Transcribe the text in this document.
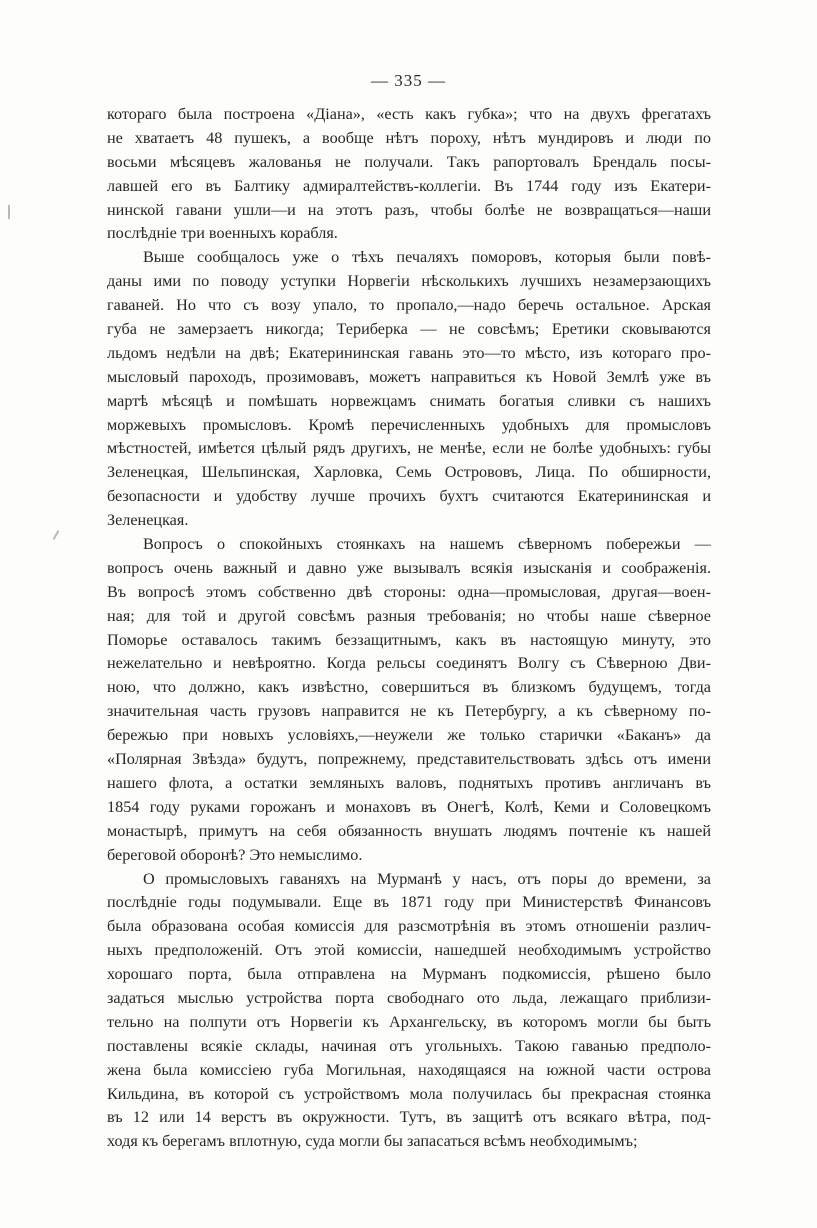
— 335 —
котораго была построена «Діана», «есть какъ губка»; что на двухъ фрегатахъ
не хватаетъ 48 пушекъ, а вообще нѣтъ пороху, нѣтъ мундировъ и люди по
восьми мѣсяцевъ жалованья не получали. Такъ рапортовалъ Брендаль посы-
лавшей его въ Балтику адмиралтействъ-коллегіи. Въ 1744 году изъ Екатери-
нинской гавани ушли—и на этотъ разъ, чтобы болѣе не возвращаться—наши
послѣдніе три военныхъ корабля.
Выше сообщалось уже о тѣхъ печаляхъ поморовъ, которыя были повѣ-
даны ими по поводу уступки Норвегіи нѣсколькихъ лучшихъ незамерзающихъ
гаваней. Но что съ возу упало, то пропало,—надо беречь остальное. Арская
губа не замерзаетъ никогда; Териберка — не совсѣмъ; Еретики сковываются
льдомъ недѣли на двѣ; Екатерининская гавань это—то мѣсто, изъ котораго про-
мысловый пароходъ, прозимовавъ, можетъ направиться къ Новой Землѣ уже въ
мартѣ мѣсяцѣ и помѣшать норвежцамъ снимать богатыя сливки съ нашихъ
моржевыхъ промысловъ. Кромѣ перечисленныхъ удобныхъ для промысловъ
мѣстностей, имѣется цѣлый рядъ другихъ, не менѣе, если не болѣе удобныхъ: губы
Зеленецкая, Шельпинская, Харловка, Семь Острововъ, Лица. По обширности,
безопасности и удобству лучше прочихъ бухтъ считаются Екатерининская и
Зеленецкая.
Вопросъ о спокойныхъ стоянкахъ на нашемъ сѣверномъ побережьи —
вопросъ очень важный и давно уже вызывалъ всякія изысканія и соображенія.
Въ вопросѣ этомъ собственно двѣ стороны: одна—промысловая, другая—воен-
ная; для той и другой совсѣмъ разныя требованія; но чтобы наше сѣверное
Поморье оставалось такимъ беззащитнымъ, какъ въ настоящую минуту, это
нежелательно и невѣроятно. Когда рельсы соединятъ Волгу съ Сѣверною Дви-
ною, что должно, какъ извѣстно, совершиться въ близкомъ будущемъ, тогда
значительная часть грузовъ направится не къ Петербургу, а къ сѣверному по-
бережью при новыхъ условіяхъ,—неужели же только старички «Баканъ» да
«Полярная Звѣзда» будутъ, попрежнему, представительствовать здѣсь отъ имени
нашего флота, а остатки земляныхъ валовъ, поднятыхъ противъ англичанъ въ
1854 году руками горожанъ и монаховъ въ Онегѣ, Колѣ, Кеми и Соловецкомъ
монастырѣ, примутъ на себя обязанность внушать людямъ почтеніе къ нашей
береговой оборонѣ? Это немыслимо.
О промысловыхъ гаваняхъ на Мурманѣ у насъ, отъ поры до времени, за
послѣдніе годы подумывали. Еще въ 1871 году при Министерствѣ Финансовъ
была образована особая комиссія для разсмотрѣнія въ этомъ отношеніи различ-
ныхъ предположеній. Отъ этой комиссіи, нашедшей необходимымъ устройство
хорошаго порта, была отправлена на Мурманъ подкомиссія, рѣшено было
задаться мыслью устройства порта свободнаго ото льда, лежащаго приблизи-
тельно на полпути отъ Норвегіи къ Архангельску, въ которомъ могли бы быть
поставлены всякіе склады, начиная отъ угольныхъ. Такою гаванью предполо-
жена была комиссіею губа Могильная, находящаяся на южной части острова
Кильдина, въ которой съ устройствомъ мола получилась бы прекрасная стоянка
въ 12 или 14 верстъ въ окружности. Тутъ, въ защитѣ отъ всякаго вѣтра, под-
ходя къ берегамъ вплотную, суда могли бы запасаться всѣмъ необходимымъ;
